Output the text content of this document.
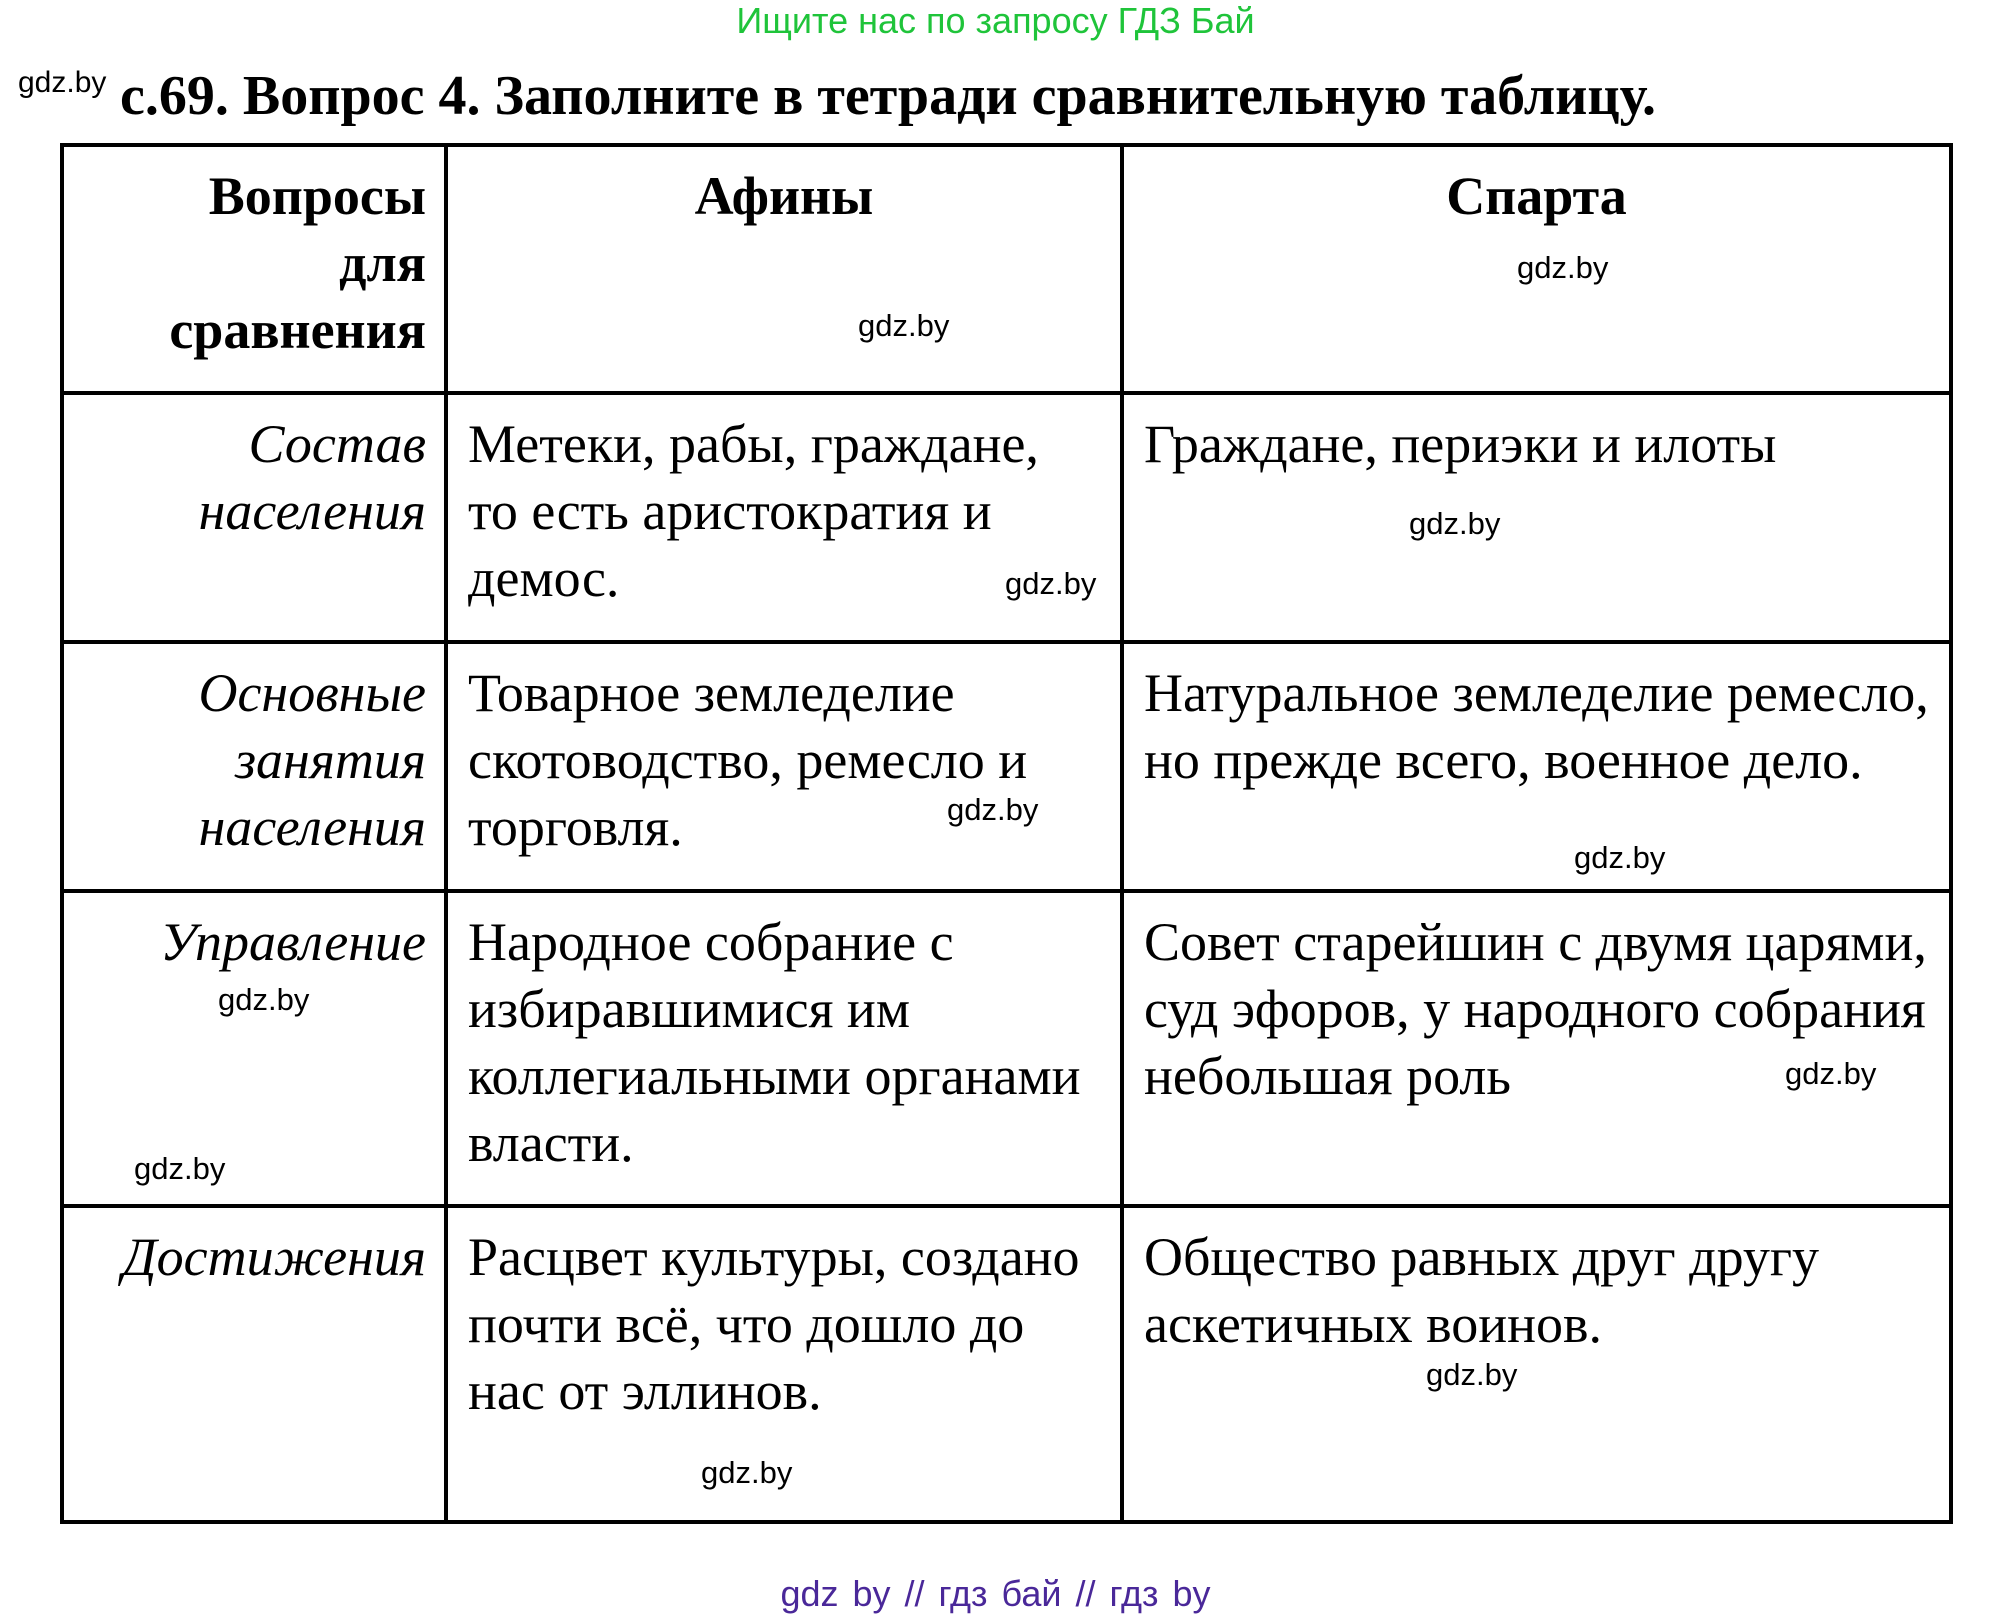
Ищите нас по запросу ГДЗ Бай
gdz.by с.69. Вопрос 4. Заполните в тетради сравнительную таблицу.
Вопросы для сравнения	Афины	Спарта
Состав населения	Метеки, рабы, граждане, то есть аристократия и демос.	Граждане, периэки и илоты
Основные занятия населения	Товарное земледелие скотоводство, ремесло и торговля.	Натуральное земледелие ремесло, но прежде всего, военное дело.
Управление	Народное собрание с избиравшимися им коллегиальными органами власти.	Совет старейшин с двумя царями, суд эфоров, у народного собрания небольшая роль
Достижения	Расцвет культуры, создано почти всё, что дошло до нас от эллинов.	Общество равных друг другу аскетичных воинов.
gdz.by
gdz.by
gdz.by
gdz.by
gdz.by
gdz.by
gdz.by
gdz.by
gdz.by
gdz.by
gdz.by
gdz by // гдз бай // гдз by
